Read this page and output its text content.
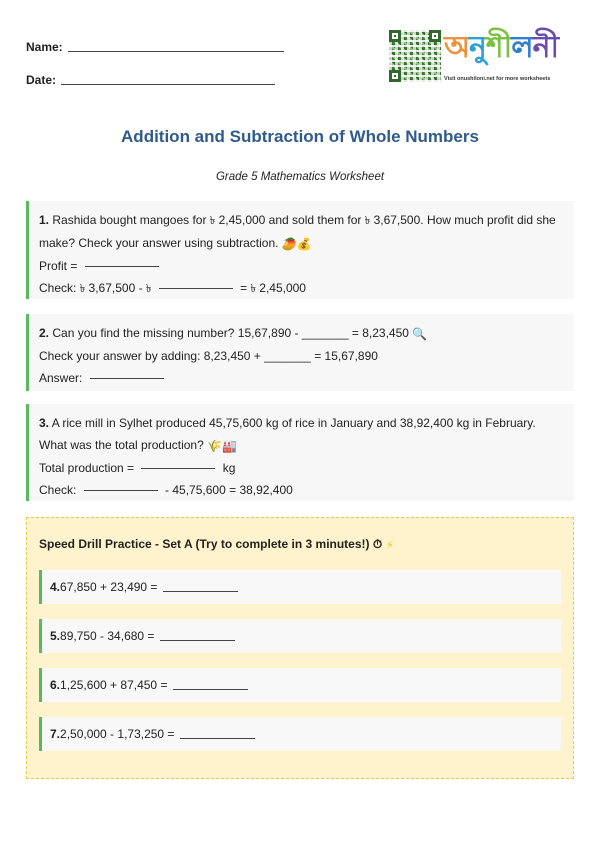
Name:
Date:
অ নু শী ল নী
Visit onushiloni.net for more worksheets
Addition and Subtraction of Whole Numbers
Grade 5 Mathematics Worksheet
1. Rashida bought mangoes for ৳ 2,45,000 and sold them for ৳ 3,67,500. How much profit did she make? Check your answer using subtraction. 🥭💰
Profit =
Check: ৳ 3,67,500 - ৳	= ৳ 2,45,000
2. Can you find the missing number? 15,67,890 - _______ = 8,23,450 🔍
Check your answer by adding: 8,23,450 + _______ = 15,67,890
Answer:
3. A rice mill in Sylhet produced 45,75,600 kg of rice in January and 38,92,400 kg in February. What was the total production? 🌾🏭
Total production =	kg
Check:	- 45,75,600 = 38,92,400
Speed Drill Practice - Set A (Try to complete in 3 minutes!) ⏱ ⚡
4. 67,850 + 23,490 =
5. 89,750 - 34,680 =
6. 1,25,600 + 87,450 =
7. 2,50,000 - 1,73,250 =
